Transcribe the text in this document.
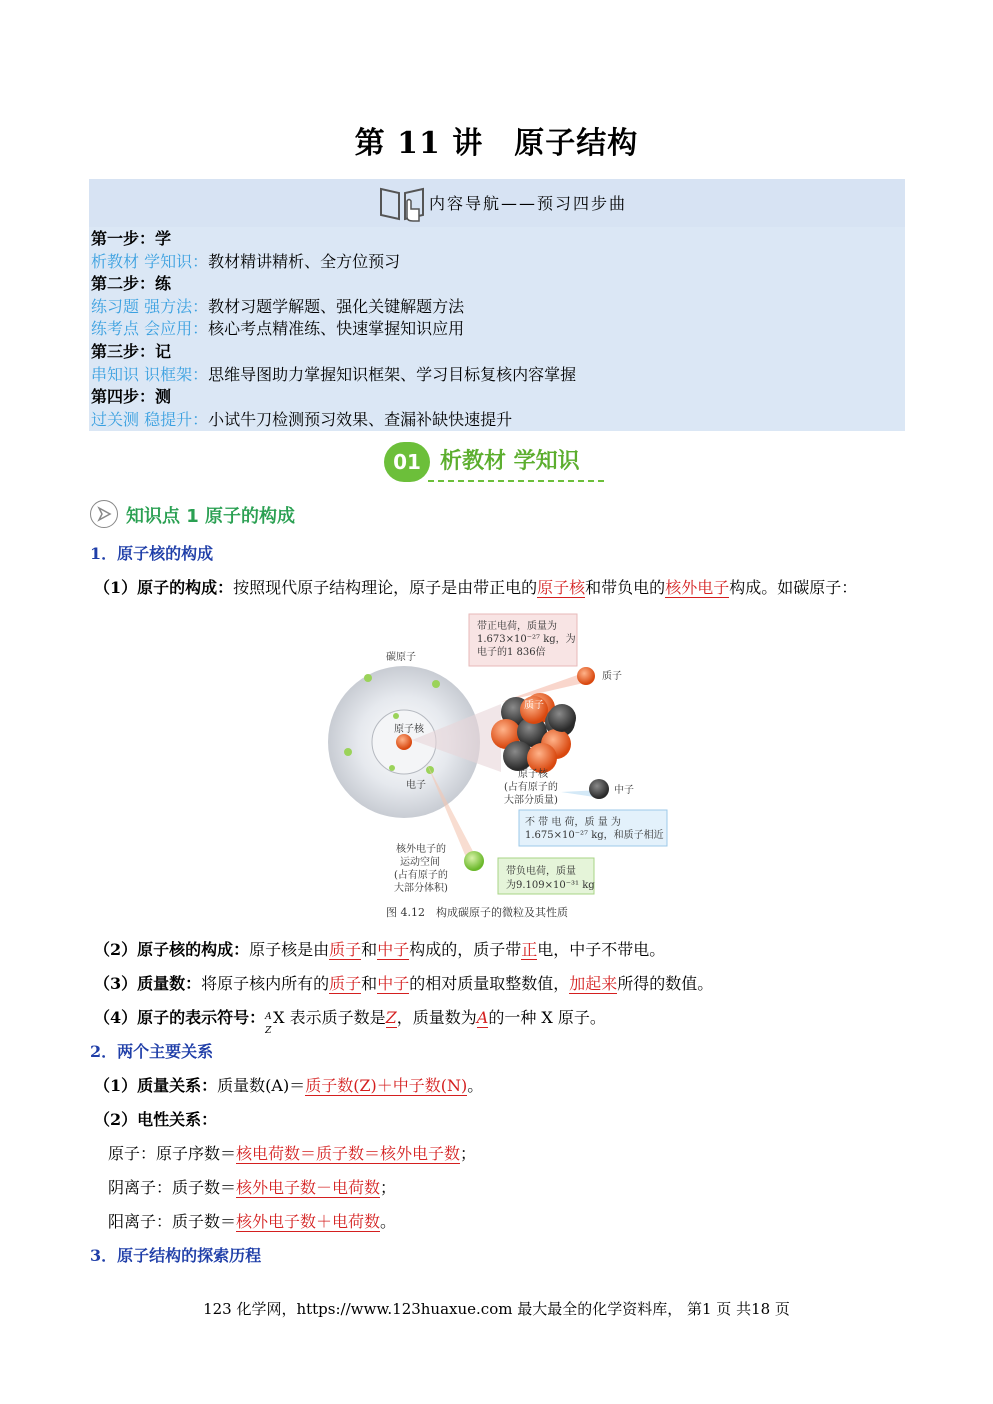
第 11 讲　原子结构
内容导航——预习四步曲
第一步：学
析教材 学知识：教材精讲精析、全方位预习
第二步：练
练习题 强方法：教材习题学解题、强化关键解题方法
练考点 会应用：核心考点精准练、快速掌握知识应用
第三步：记
串知识 识框架：思维导图助力掌握知识框架、学习目标复核内容掌握
第四步：测
过关测 稳提升：小试牛刀检测预习效果、查漏补缺快速提升
01 析教材 学知识
知识点 1 原子的构成
1．原子核的构成
（1）原子的构成：按照现代原子结构理论，原子是由带正电的原子核和带负电的核外电子构成。如碳原子：
碳原子
原子核
电子
质子
质子
中子
带正电荷，质量为
1.673×10⁻²⁷ kg，为
电子的1 836倍
原子核
(占有原子的
大部分质量)
不 带 电 荷，质 量 为
1.675×10⁻²⁷ kg，和质子相近
核外电子的
运动空间
(占有原子的
大部分体积)
带负电荷，质量
为9.109×10⁻³¹ kg
图 4.12　构成碳原子的微粒及其性质
（2）原子核的构成：原子核是由质子和中子构成的，质子带正电，中子不带电。
（3）质量数：将原子核内所有的质子和中子的相对质量取整数值，加起来所得的数值。
（4）原子的表示符号： A
Z
X 表示质子数是Z，质量数为A的一种 X 原子。
2．两个主要关系
（1）质量关系：质量数(A)＝质子数(Z)＋中子数(N)。
（2）电性关系：
原子：原子序数＝核电荷数＝质子数＝核外电子数；
阴离子：质子数＝核外电子数－电荷数；
阳离子：质子数＝核外电子数＋电荷数。
3．原子结构的探索历程
123 化学网，https://www.123huaxue.com 最大最全的化学资料库， 第1 页 共18 页
